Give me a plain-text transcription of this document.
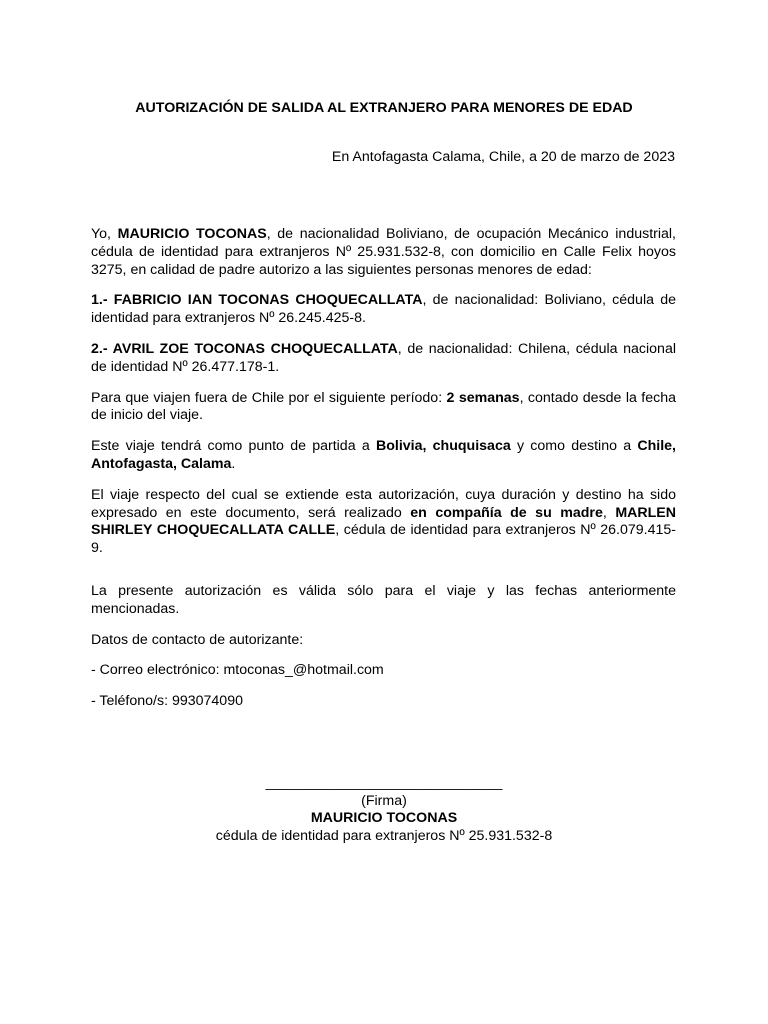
AUTORIZACIÓN DE SALIDA AL EXTRANJERO PARA MENORES DE EDAD
En Antofagasta Calama, Chile, a 20 de marzo de 2023

Yo, MAURICIO TOCONAS, de nacionalidad Boliviano, de ocupación Mecánico industrial, cédula de identidad para extranjeros Nº 25.931.532-8, con domicilio en Calle Felix hoyos 3275, en calidad de padre autorizo a las siguientes personas menores de edad:

1.- FABRICIO IAN TOCONAS CHOQUECALLATA, de nacionalidad: Boliviano, cédula de identidad para extranjeros Nº 26.245.425-8.

2.- AVRIL ZOE TOCONAS CHOQUECALLATA, de nacionalidad: Chilena, cédula nacional de identidad Nº 26.477.178-1.

Para que viajen fuera de Chile por el siguiente período: 2 semanas, contado desde la fecha de inicio del viaje.

Este viaje tendrá como punto de partida a Bolivia, chuquisaca y como destino a Chile, Antofagasta, Calama.

El viaje respecto del cual se extiende esta autorización, cuya duración y destino ha sido expresado en este documento, será realizado en compañía de su madre, MARLEN SHIRLEY CHOQUECALLATA CALLE, cédula de identidad para extranjeros Nº 26.079.415-9.

La presente autorización es válida sólo para el viaje y las fechas anteriormente mencionadas.

Datos de contacto de autorizante:

- Correo electrónico: mtoconas_@hotmail.com

- Teléfono/s: 993074090

______________________________
(Firma)
MAURICIO TOCONAS
cédula de identidad para extranjeros Nº 25.931.532-8
